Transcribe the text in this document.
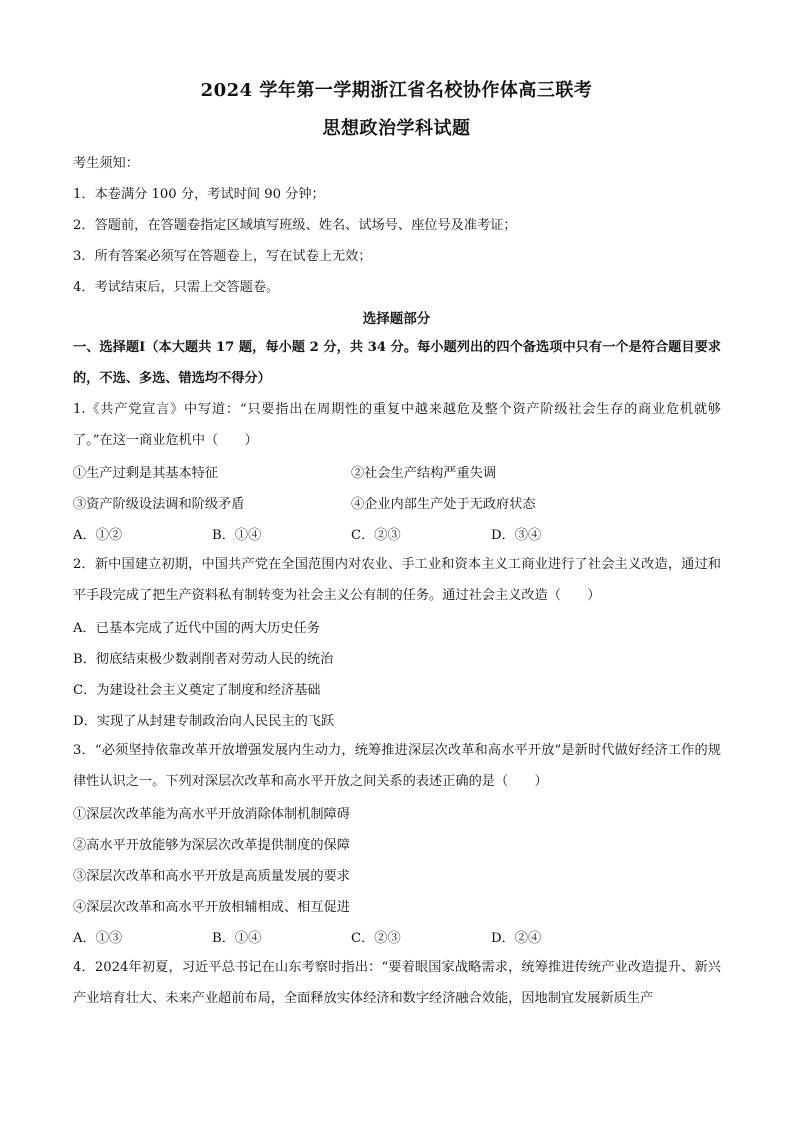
2024 学年第一学期浙江省名校协作体高三联考
思想政治学科试题
考生须知：
1．本卷满分 100 分，考试时间 90 分钟；
2．答题前，在答题卷指定区域填写班级、姓名、试场号、座位号及准考证；
3．所有答案必须写在答题卷上，写在试卷上无效；
4．考试结束后，只需上交答题卷。
选择题部分
一、选择题Ⅰ（本大题共 17 题，每小题 2 分，共 34 分。每小题列出的四个备选项中只有一个是符合题目要求的，不选、多选、错选均不得分）
1.《共产党宣言》中写道：“只要指出在周期性的重复中越来越危及整个资产阶级社会生存的商业危机就够了。”在这一商业危机中（　　）
①生产过剩是其基本特征	②社会生产结构严重失调
③资产阶级设法调和阶级矛盾	④企业内部生产处于无政府状态
A．①②	B．①④	C．②③	D．③④
2．新中国建立初期，中国共产党在全国范围内对农业、手工业和资本主义工商业进行了社会主义改造，通过和平手段完成了把生产资料私有制转变为社会主义公有制的任务。通过社会主义改造（　　）
A．已基本完成了近代中国的两大历史任务
B．彻底结束极少数剥削者对劳动人民的统治
C．为建设社会主义奠定了制度和经济基础
D．实现了从封建专制政治向人民民主的飞跃
3．“必须坚持依靠改革开放增强发展内生动力，统筹推进深层次改革和高水平开放”是新时代做好经济工作的规律性认识之一。下列对深层次改革和高水平开放之间关系的表述正确的是（　　）
①深层次改革能为高水平开放消除体制机制障碍
②高水平开放能够为深层次改革提供制度的保障
③深层次改革和高水平开放是高质量发展的要求
④深层次改革和高水平开放相辅相成、相互促进
A．①③	B．①④	C．②③	D．②④
4．2024年初夏，习近平总书记在山东考察时指出：“要着眼国家战略需求，统筹推进传统产业改造提升、新兴产业培育壮大、未来产业超前布局，全面释放实体经济和数字经济融合效能，因地制宜发展新质生产
